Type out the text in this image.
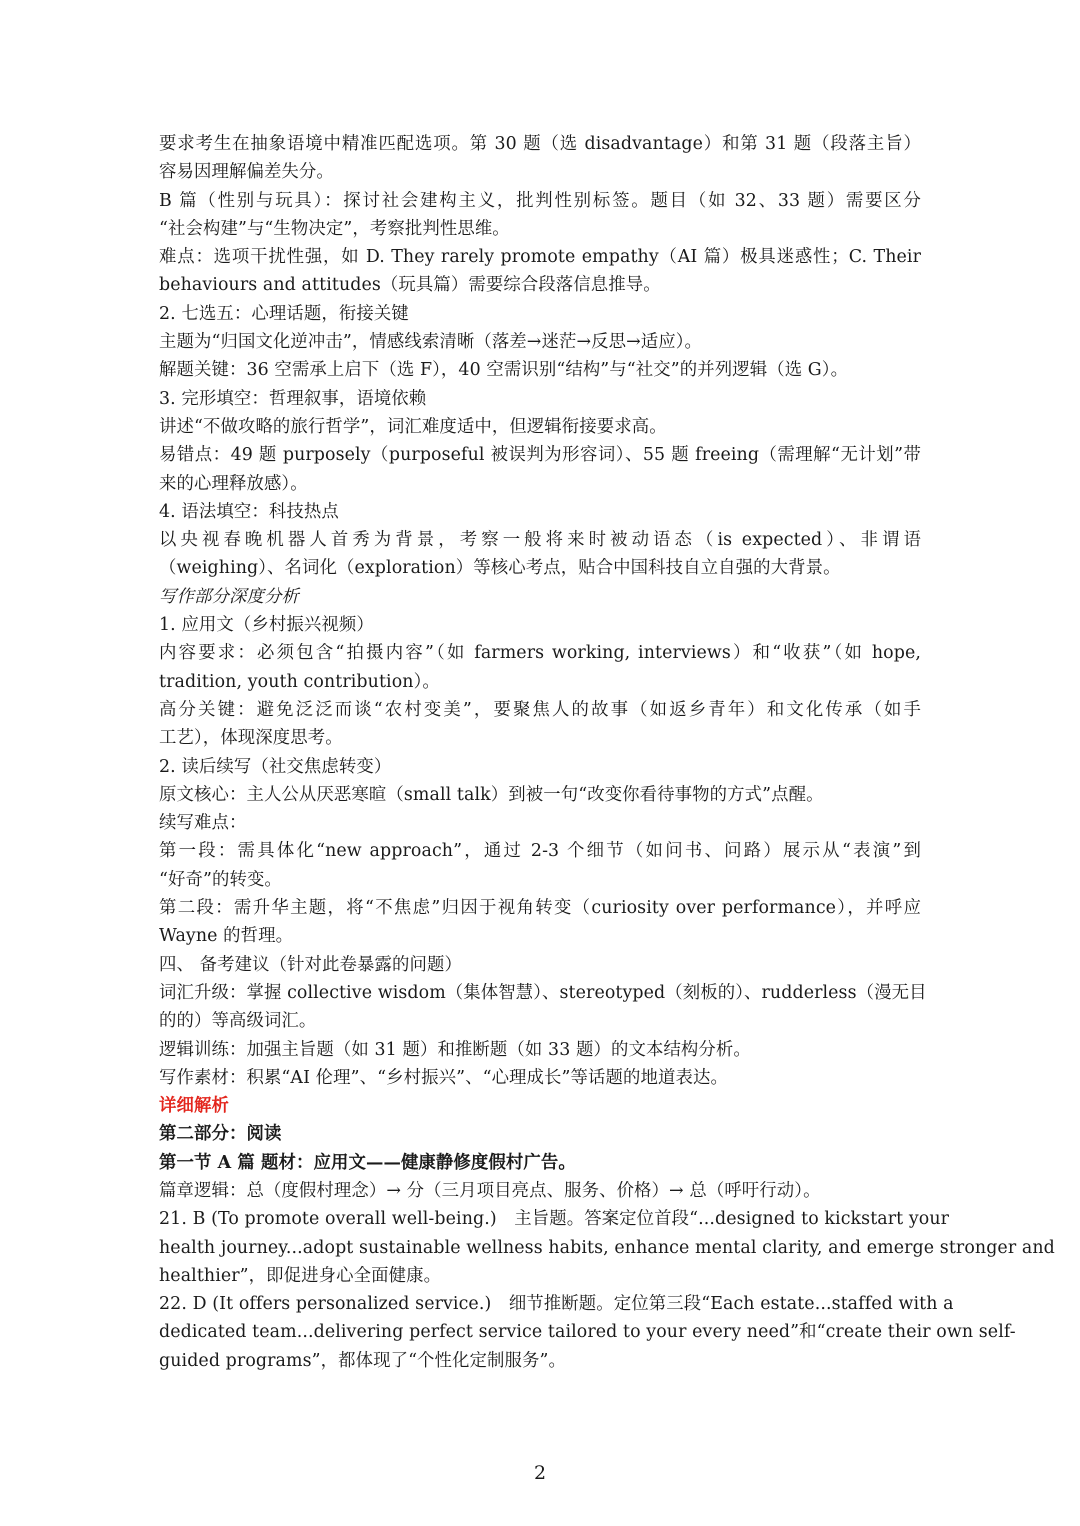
要求考生在抽象语境中精准匹配选项。第 30 题（选 disadvantage）和第 31 题（段落主旨）
容易因理解偏差失分。
B 篇（性别与玩具）：探讨社会建构主义，批判性别标签。题目（如 32、33 题）需要区分
“社会构建”与“生物决定”，考察批判性思维。
难点：选项干扰性强，如 D. They rarely promote empathy（AI 篇）极具迷惑性；C. Their
behaviours and attitudes（玩具篇）需要综合段落信息推导。
2. 七选五：心理话题，衔接关键
主题为“归国文化逆冲击”，情感线索清晰（落差→迷茫→反思→适应）。
解题关键：36 空需承上启下（选 F），40 空需识别“结构”与“社交”的并列逻辑（选 G）。
3. 完形填空：哲理叙事，语境依赖
讲述“不做攻略的旅行哲学”，词汇难度适中，但逻辑衔接要求高。
易错点：49 题 purposely（purposeful 被误判为形容词）、55 题 freeing（需理解“无计划”带
来的心理释放感）。
4. 语法填空：科技热点
以央视春晚机器人首秀为背景，考察一般将来时被动语态（is expected）、非谓语
（weighing）、名词化（exploration）等核心考点，贴合中国科技自立自强的大背景。
写作部分深度分析
1. 应用文（乡村振兴视频）
内容要求：必须包含“拍摄内容”（如 farmers working, interviews）和“收获”（如 hope,
tradition, youth contribution）。
高分关键：避免泛泛而谈“农村变美”，要聚焦人的故事（如返乡青年）和文化传承（如手
工艺），体现深度思考。
2. 读后续写（社交焦虑转变）
原文核心：主人公从厌恶寒暄（small talk）到被一句“改变你看待事物的方式”点醒。
续写难点：
第一段：需具体化“new approach”，通过 2-3 个细节（如问书、问路）展示从“表演”到
“好奇”的转变。
第二段：需升华主题，将“不焦虑”归因于视角转变（curiosity over performance），并呼应
Wayne 的哲理。
四、 备考建议（针对此卷暴露的问题）
词汇升级：掌握 collective wisdom（集体智慧）、stereotyped（刻板的）、rudderless（漫无目
的的）等高级词汇。
逻辑训练：加强主旨题（如 31 题）和推断题（如 33 题）的文本结构分析。
写作素材：积累“AI 伦理”、“乡村振兴”、“心理成长”等话题的地道表达。
详细解析
第二部分：阅读
第一节 A 篇 题材：应用文——健康静修度假村广告。
篇章逻辑：总（度假村理念）→ 分（三月项目亮点、服务、价格）→ 总（呼吁行动）。
21. B (To promote overall well-being.)　主旨题。答案定位首段“...designed to kickstart your
health journey...adopt sustainable wellness habits, enhance mental clarity, and emerge stronger and
healthier”，即促进身心全面健康。
22. D (It offers personalized service.)　细节推断题。定位第三段“Each estate...staffed with a
dedicated team...delivering perfect service tailored to your every need”和“create their own self-
guided programs”，都体现了“个性化定制服务”。
2
